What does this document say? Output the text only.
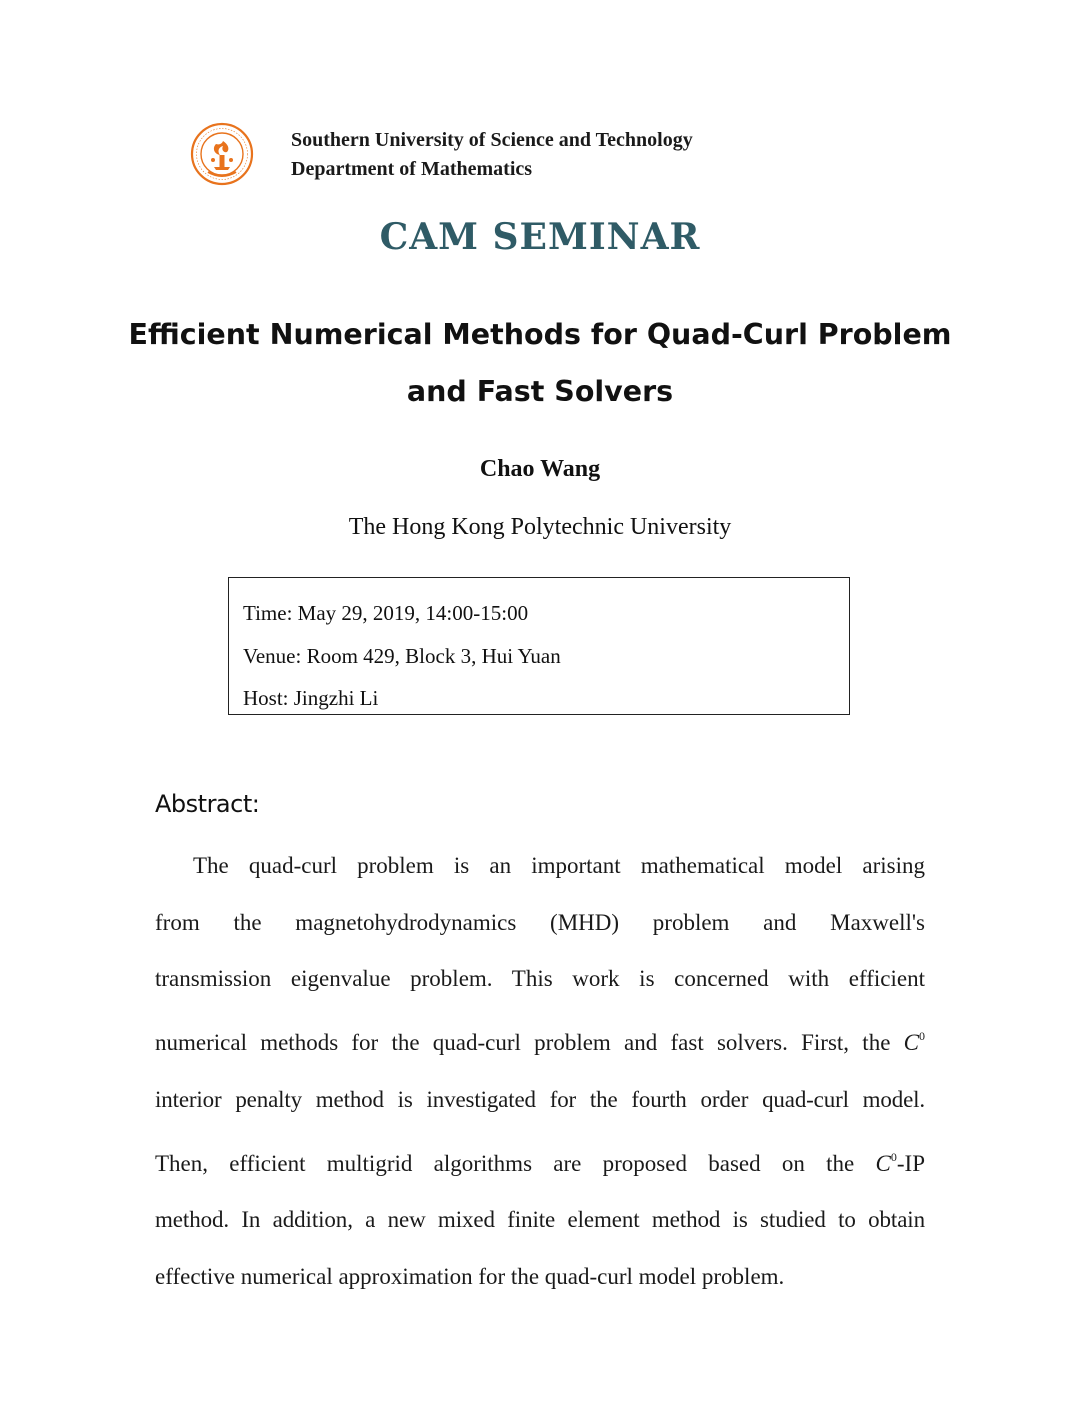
Southern University of Science and Technology
Department of Mathematics
CAM SEMINAR
Efficient Numerical Methods for Quad-Curl Problem
and Fast Solvers
Chao Wang
The Hong Kong Polytechnic University
Time: May 29, 2019, 14:00-15:00
Venue: Room 429, Block 3, Hui Yuan
Host: Jingzhi Li
Abstract:
The quad-curl problem is an important mathematical model arising
from the magnetohydrodynamics (MHD) problem and Maxwell's
transmission eigenvalue problem. This work is concerned with efficient
numerical methods for the quad-curl problem and fast solvers. First, the $C^0$
interior penalty method is investigated for the fourth order quad-curl model.
Then, efficient multigrid algorithms are proposed based on the $C^0-IP$
method. In addition, a new mixed finite element method is studied to obtain
effective numerical approximation for the quad-curl model problem.
